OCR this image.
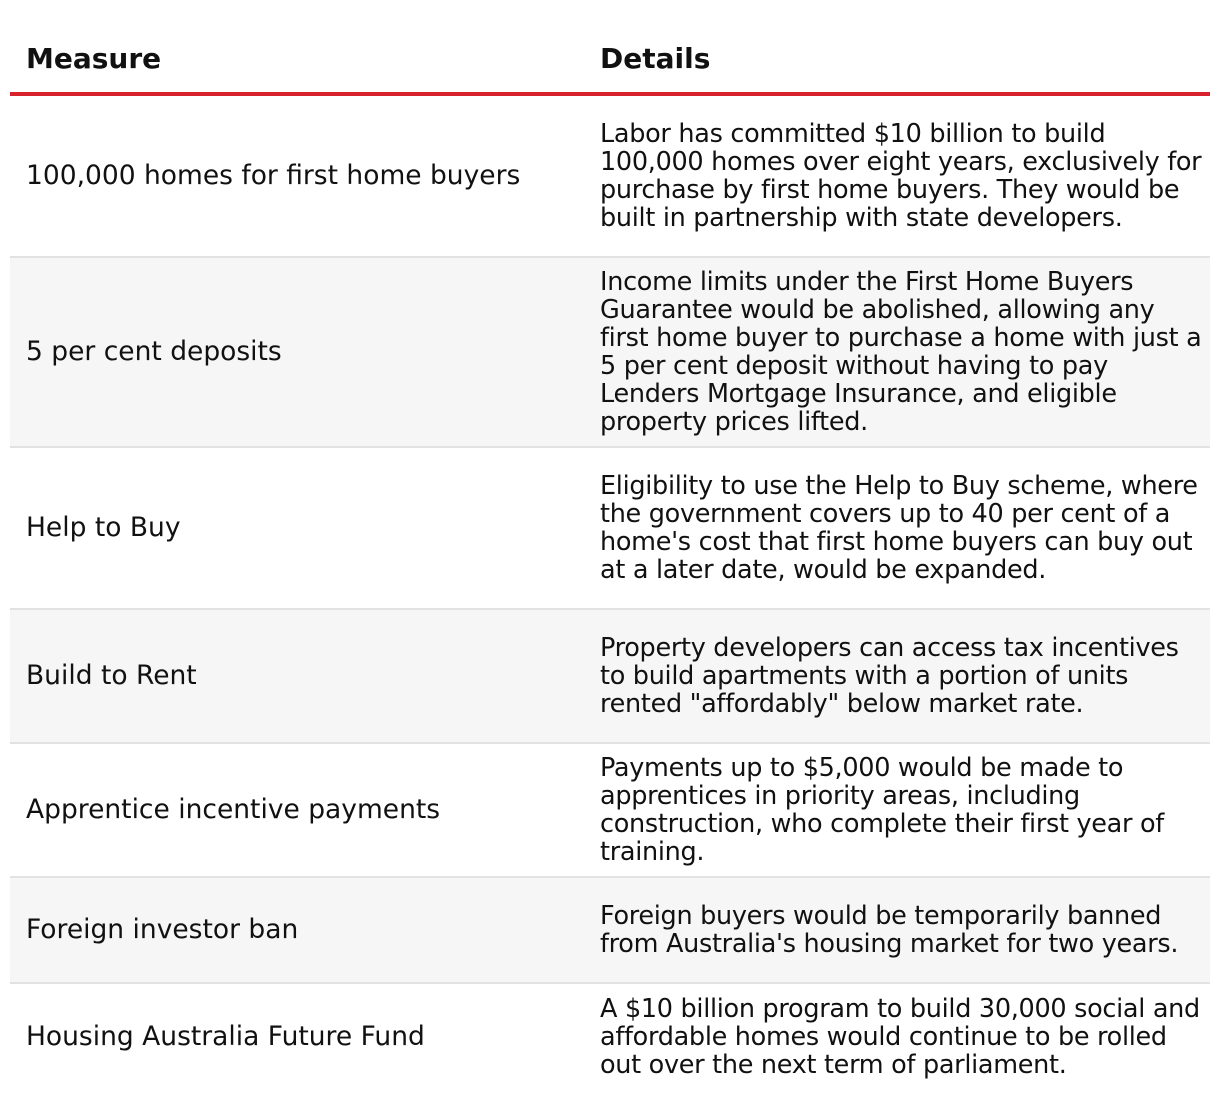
Measure	Details
100,000 homes for first home buyers
Labor has committed $10 billion to build 100,000 homes over eight years, exclusively for purchase by first home buyers. They would be built in partnership with state developers.
5 per cent deposits
Income limits under the First Home Buyers Guarantee would be abolished, allowing any first home buyer to purchase a home with just a 5 per cent deposit without having to pay Lenders Mortgage Insurance, and eligible property prices lifted.
Help to Buy
Eligibility to use the Help to Buy scheme, where the government covers up to 40 per cent of a home's cost that first home buyers can buy out at a later date, would be expanded.
Build to Rent
Property developers can access tax incentives to build apartments with a portion of units rented "affordably" below market rate.
Apprentice incentive payments
Payments up to $5,000 would be made to apprentices in priority areas, including construction, who complete their first year of training.
Foreign investor ban	Foreign buyers would be temporarily banned from Australia's housing market for two years.
Housing Australia Future Fund
A $10 billion program to build 30,000 social and affordable homes would continue to be rolled out over the next term of parliament.
